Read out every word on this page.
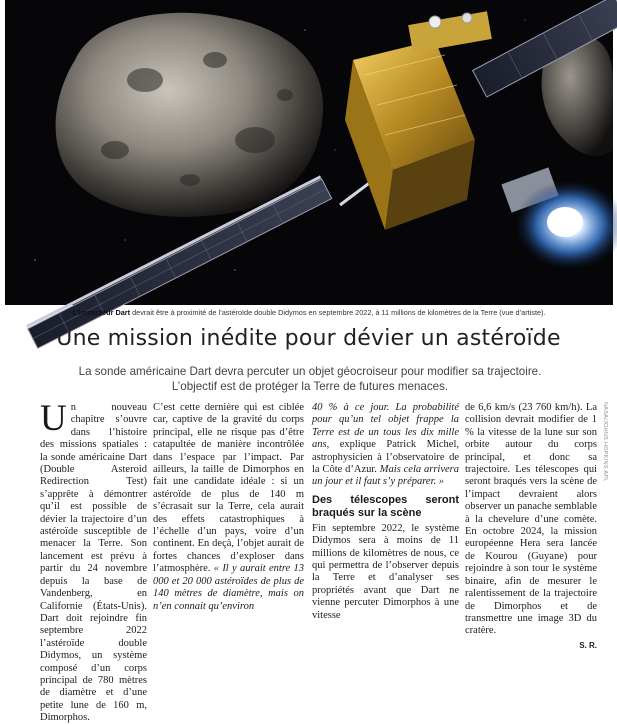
L’impacteur Dart devrait être à proximité de l’astéroïde double Didymos en septembre 2022, à 11 millions de kilomètres de la Terre (vue d’artiste).
Une mission inédite pour dévier un astéroïde
La sonde américaine Dart devra percuter un objet géocroiseur pour modifier sa trajectoire.
L’objectif est de protéger la Terre de futures menaces.

Un nouveau chapitre s’ouvre dans l’histoire des missions spatiales : la sonde américaine Dart (Double Asteroid Redirection Test) s’apprête à démontrer qu’il est possible de dévier la trajectoire d’un astéroïde susceptible de menacer la Terre. Son lancement est prévu à partir du 24 novembre depuis la base de Vandenberg, en Californie (États-Unis). Dart doit rejoindre fin septembre 2022 l’astéroïde double Didymos, un système composé d’un corps principal de 780 mètres de diamètre et d’une petite lune de 160 m, Dimorphos.

C’est cette dernière qui est ciblée car, captive de la gravité du corps principal, elle ne risque pas d’être catapultée de manière incontrôlée dans l’espace par l’impact. Par ailleurs, la taille de Dimorphos en fait une candidate idéale : si un astéroïde de plus de 140 m s’écrasait sur la Terre, cela aurait des effets catastrophiques à l’échelle d’un pays, voire d’un continent. En deçà, l’objet aurait de fortes chances d’exploser dans l’atmosphère. « Il y aurait entre 13 000 et 20 000 astéroïdes de plus de 140 mètres de diamètre, mais on n’en connait qu’environ

40 % à ce jour. La probabilité pour qu’un tel objet frappe la Terre est de un tous les dix mille ans, explique Patrick Michel, astrophysicien à l’observatoire de la Côte d’Azur. Mais cela arrivera un jour et il faut s’y préparer. »

Des télescopes seront braqués sur la scène

Fin septembre 2022, le système Didymos sera à moins de 11 millions de kilomètres de nous, ce qui permettra de l’observer depuis la Terre et d’analyser ses propriétés avant que Dart ne vienne percuter Dimorphos à une vitesse

de 6,6 km/s (23 760 km/h). La collision devrait modifier de 1 % la vitesse de la lune sur son orbite autour du corps principal, et donc sa trajectoire. Les télescopes qui seront braqués vers la scène de l’impact devraient alors observer un panache semblable à la chevelure d’une comète. En octobre 2024, la mission européenne Hera sera lancée de Kourou (Guyane) pour rejoindre à son tour le système binaire, afin de mesurer le ralentissement de la trajectoire de Dimorphos et de transmettre une image 3D du cratère.

S. R.
NASA/JOHNS HOPKINS APL
